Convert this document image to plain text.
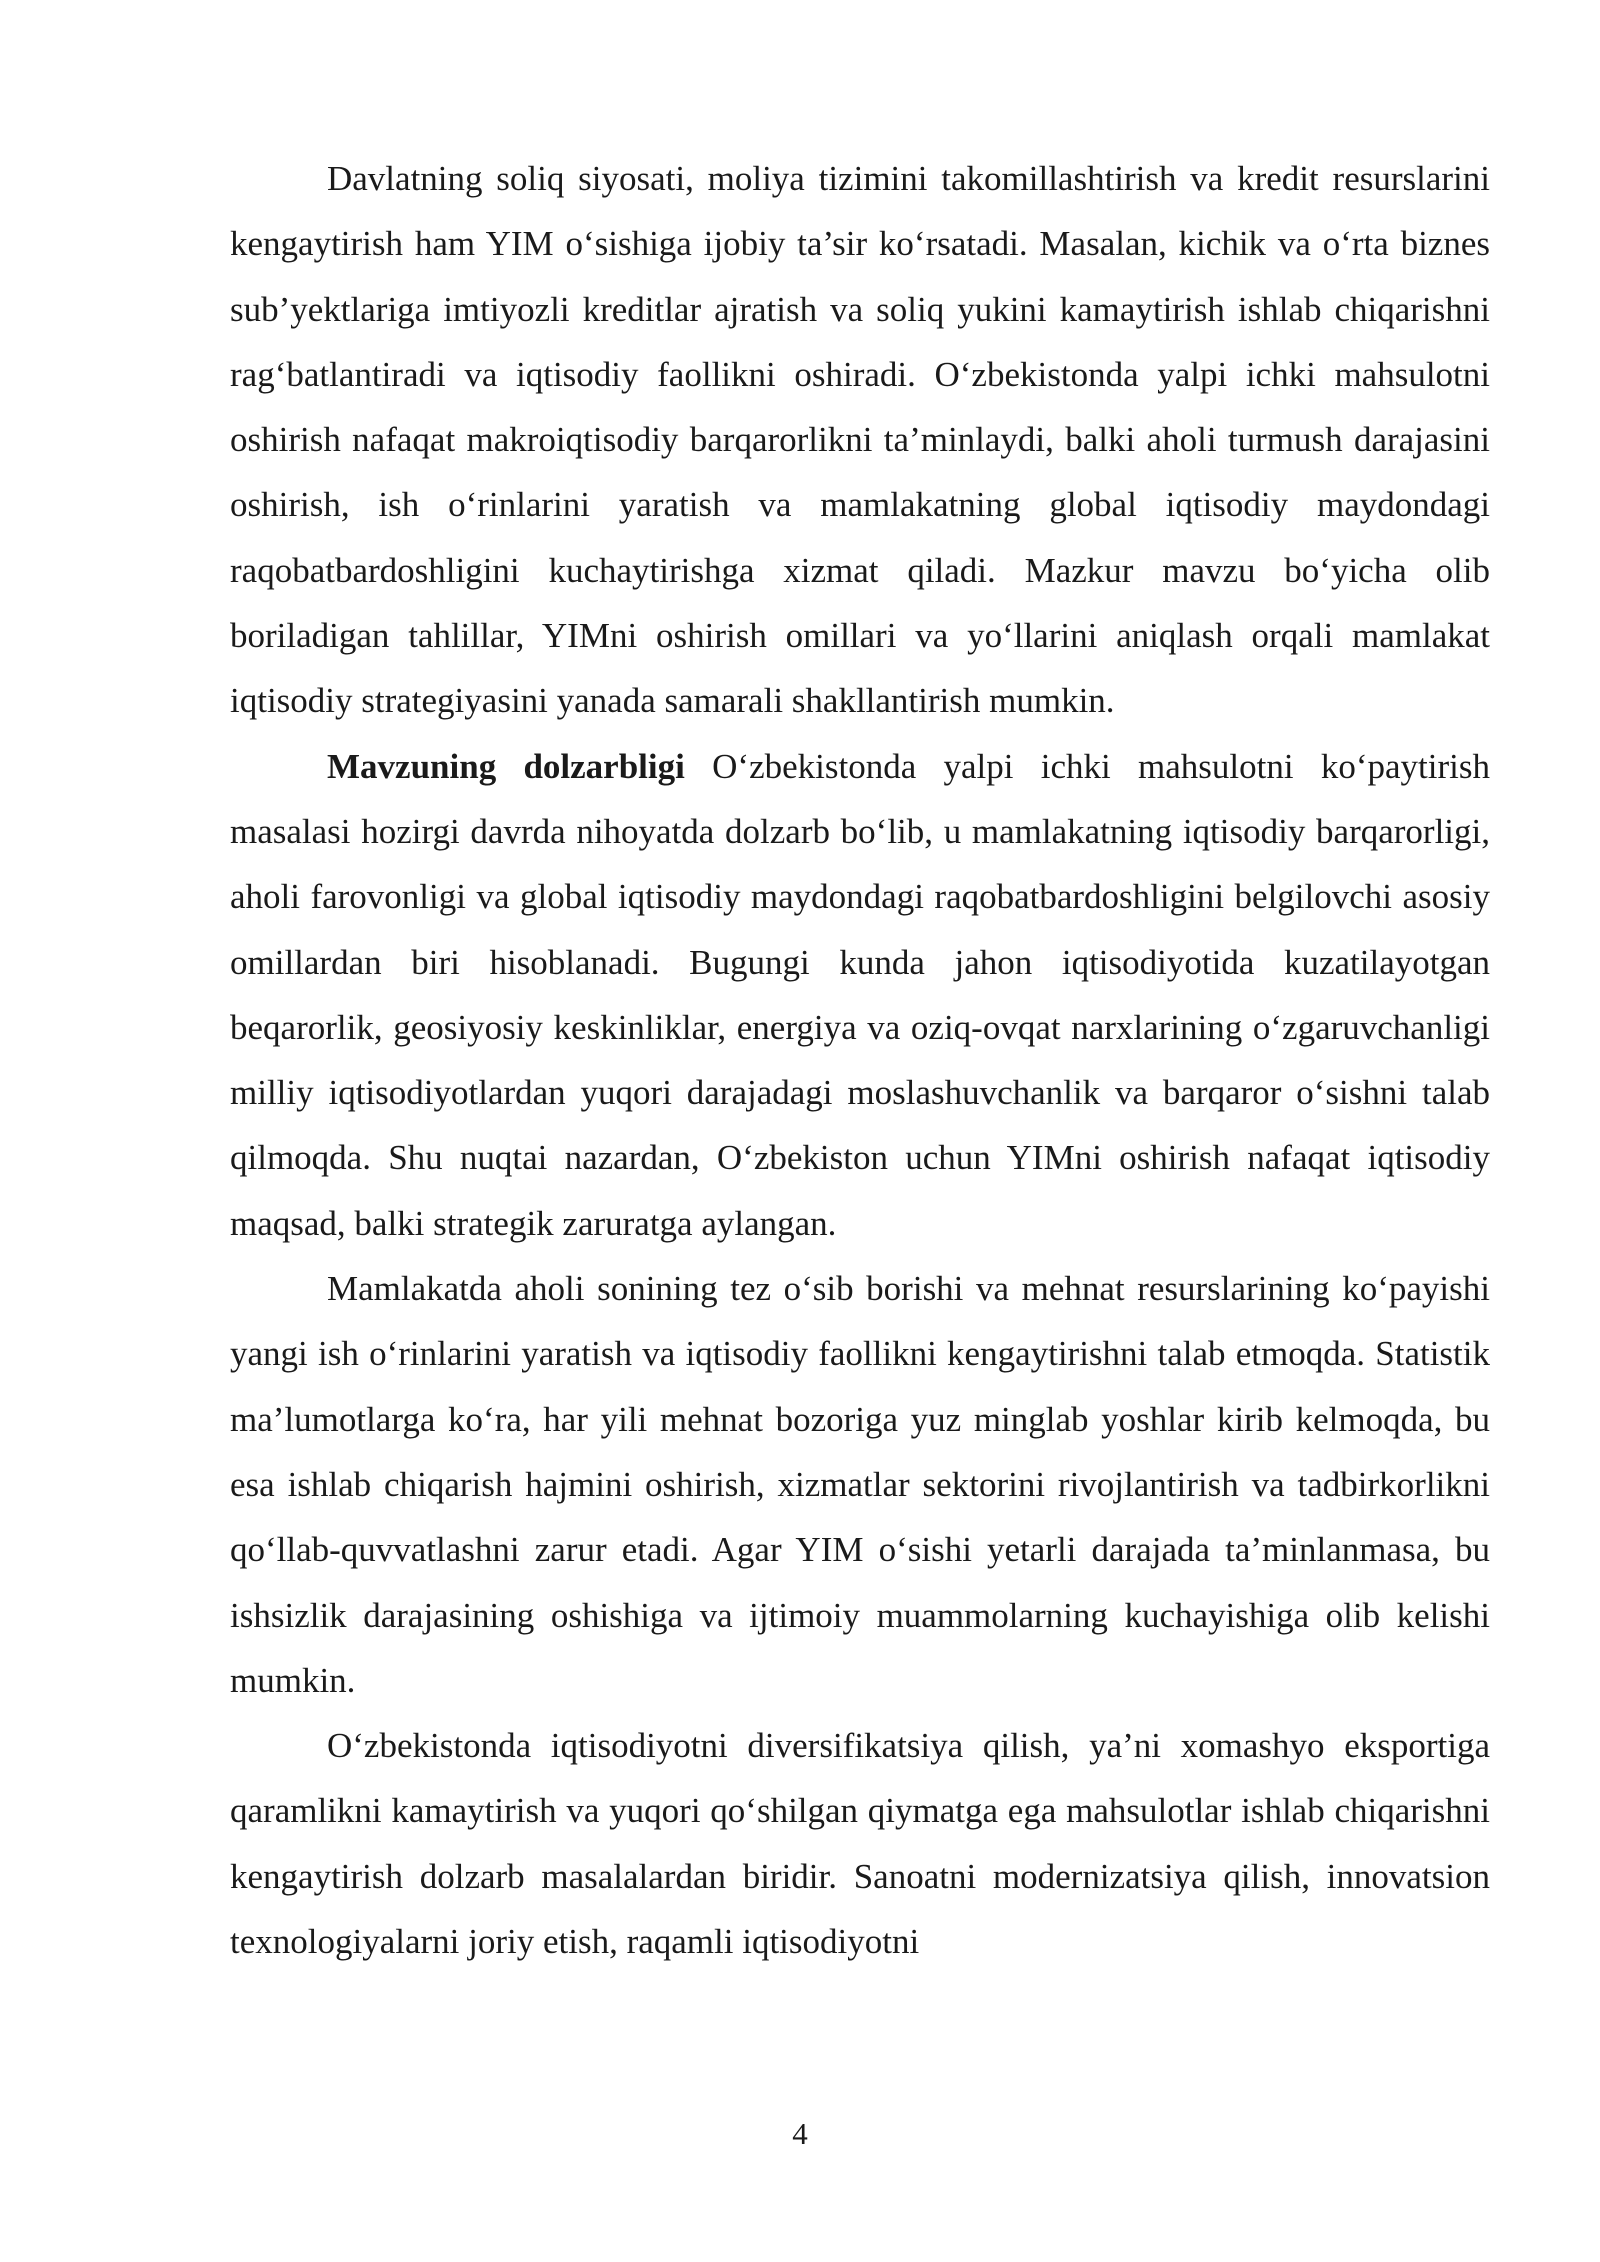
Davlatning soliq siyosati, moliya tizimini takomillashtirish va kredit resurslarini kengaytirish ham YIM o‘sishiga ijobiy ta’sir ko‘rsatadi. Masalan, kichik va o‘rta biznes sub’yektlariga imtiyozli kreditlar ajratish va soliq yukini kamaytirish ishlab chiqarishni rag‘batlantiradi va iqtisodiy faollikni oshiradi. O‘zbekistonda yalpi ichki mahsulotni oshirish nafaqat makroiqtisodiy barqarorlikni ta’minlaydi, balki aholi turmush darajasini oshirish, ish o‘rinlarini yaratish va mamlakatning global iqtisodiy maydondagi raqobatbardoshligini kuchaytirishga xizmat qiladi. Mazkur mavzu bo‘yicha olib boriladigan tahlillar, YIMni oshirish omillari va yo‘llarini aniqlash orqali mamlakat iqtisodiy strategiyasini yanada samarali shakllantirish mumkin.

Mavzuning dolzarbligi O‘zbekistonda yalpi ichki mahsulotni ko‘paytirish masalasi hozirgi davrda nihoyatda dolzarb bo‘lib, u mamlakatning iqtisodiy barqarorligi, aholi farovonligi va global iqtisodiy maydondagi raqobatbardoshligini belgilovchi asosiy omillardan biri hisoblanadi. Bugungi kunda jahon iqtisodiyotida kuzatilayotgan beqarorlik, geosiyosiy keskinliklar, energiya va oziq-ovqat narxlarining o‘zgaruvchanligi milliy iqtisodiyotlardan yuqori darajadagi moslashuvchanlik va barqaror o‘sishni talab qilmoqda. Shu nuqtai nazardan, O‘zbekiston uchun YIMni oshirish nafaqat iqtisodiy maqsad, balki strategik zaruratga aylangan.

Mamlakatda aholi sonining tez o‘sib borishi va mehnat resurslarining ko‘payishi yangi ish o‘rinlarini yaratish va iqtisodiy faollikni kengaytirishni talab etmoqda. Statistik ma’lumotlarga ko‘ra, har yili mehnat bozoriga yuz minglab yoshlar kirib kelmoqda, bu esa ishlab chiqarish hajmini oshirish, xizmatlar sektorini rivojlantirish va tadbirkorlikni qo‘llab-quvvatlashni zarur etadi. Agar YIM o‘sishi yetarli darajada ta’minlanmasa, bu ishsizlik darajasining oshishiga va ijtimoiy muammolarning kuchayishiga olib kelishi mumkin.

O‘zbekistonda iqtisodiyotni diversifikatsiya qilish, ya’ni xomashyo eksportiga qaramlikni kamaytirish va yuqori qo‘shilgan qiymatga ega mahsulotlar ishlab chiqarishni kengaytirish dolzarb masalalardan biridir. Sanoatni modernizatsiya qilish, innovatsion texnologiyalarni joriy etish, raqamli iqtisodiyotni

4
